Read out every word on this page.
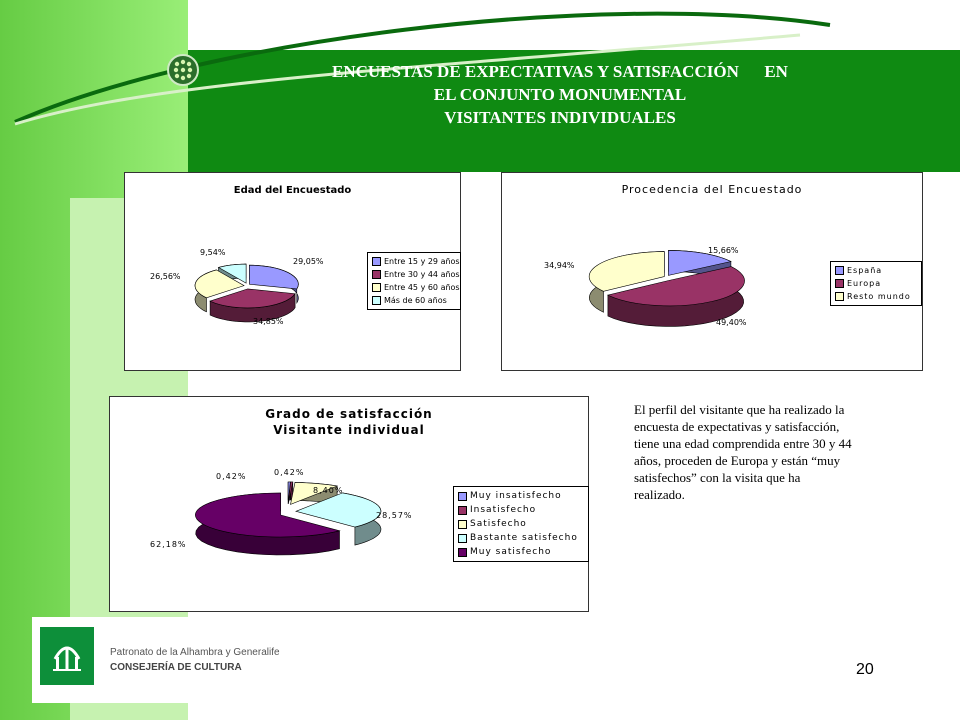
ENCUESTAS DE EXPECTATIVAS Y SATISFACCIÓN      EN
EL CONJUNTO MONUMENTAL
VISITANTES INDIVIDUALES
Edad del Encuestado
29,05%
34,85%
26,56%
9,54%
Entre 15 y 29 años
Entre 30 y 44 años
Entre 45 y 60 años
Más de 60 años
Procedencia del Encuestado
15,66%
49,40%
34,94%
España
Europa
Resto mundo
Grado de satisfacción
Visitante individual
0,42%	0,42%
8,40%
28,57%
62,18%
Muy insatisfecho
Insatisfecho
Satisfecho
Bastante satisfecho
Muy satisfecho
El perfil del visitante que ha realizado la encuesta de expectativas y satisfacción, tiene una edad comprendida entre 30 y 44 años, proceden de Europa y están “muy satisfechos” con la visita que ha realizado.
Patronato de la Alhambra y Generalife
CONSEJERÍA DE CULTURA	20
